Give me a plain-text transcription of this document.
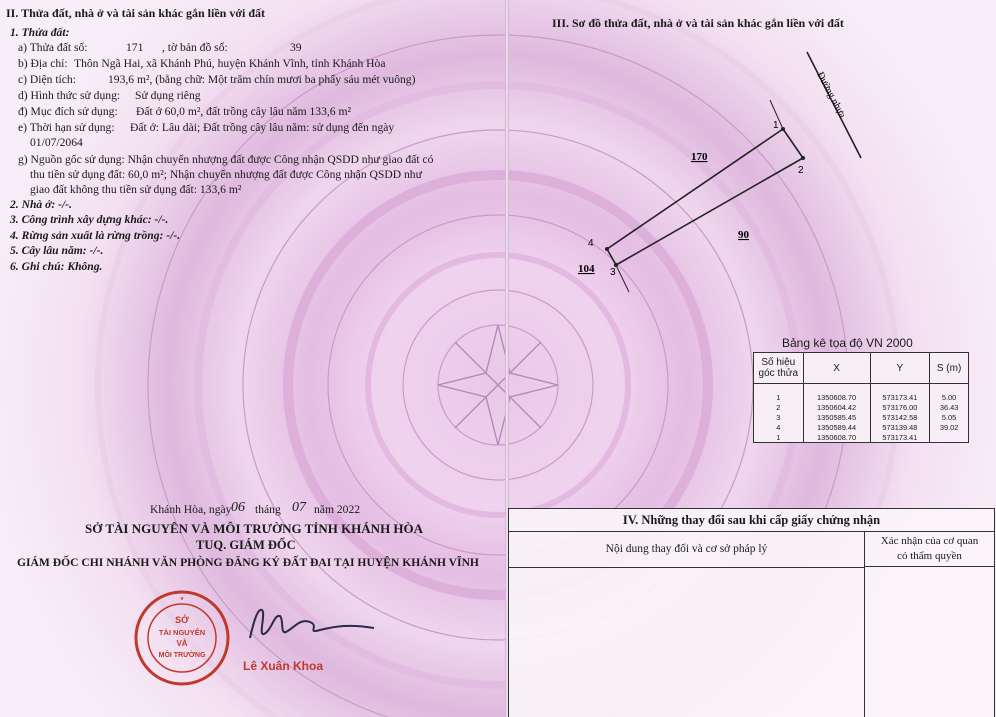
II. Thửa đất, nhà ở và tài sản khác gắn liền với đất
1. Thửa đất:
a) Thửa đất số:	171 , tờ bản đồ số:	39
b) Địa chỉ: Thôn Ngã Hai, xã Khánh Phú, huyện Khánh Vĩnh, tỉnh Khánh Hòa
c) Diện tích:	193,6 m², (bằng chữ: Một trăm chín mươi ba phẩy sáu mét vuông)
d) Hình thức sử dụng: Sử dụng riêng
đ) Mục đích sử dụng: Đất ở 60,0 m², đất trồng cây lâu năm 133,6 m²
e) Thời hạn sử dụng: Đất ở: Lâu dài; Đất trồng cây lâu năm: sử dụng đến ngày
01/07/2064
g) Nguồn gốc sử dụng: Nhận chuyển nhượng đất được Công nhận QSDD như giao đất có
thu tiền sử dụng đất: 60,0 m²; Nhận chuyển nhượng đất được Công nhận QSDD như
giao đất không thu tiền sử dụng đất: 133,6 m²
2. Nhà ở: -/-.
3. Công trình xây dựng khác: -/-.
4. Rừng sản xuất là rừng trồng: -/-.
5. Cây lâu năm: -/-.
6. Ghi chú: Không.
Khánh Hòa, ngày 06 tháng 07 năm 2022
SỞ TÀI NGUYÊN VÀ MÔI TRƯỜNG TỈNH KHÁNH HÒA
TUQ. GIÁM ĐỐC
GIÁM ĐỐC CHI NHÁNH VĂN PHÒNG ĐĂNG KÝ ĐẤT ĐAI TẠI HUYỆN KHÁNH VĨNH
SỞ
TÀI NGUYÊN
VÀ
MÔI TRƯỜNG
★
Lê Xuân Khoa
III. Sơ đồ thửa đất, nhà ở và tài sản khác gắn liền với đất
1
2
3
4
170
90
104
Đường nhựa
Bảng kê tọa độ VN 2000
Số hiệu góc thửa	X	Y	S (m)
1	1350608.70	573173.41	5.00
2	1350604.42	573176.00	36.43
3	1350585.45	573142.58	5.05
4	1350589.44	573139.48	39.02
1	1350608.70	573173.41	
IV. Những thay đổi sau khi cấp giấy chứng nhận
Nội dung thay đổi và cơ sở pháp lý
Xác nhận của cơ quan
có thẩm quyền
